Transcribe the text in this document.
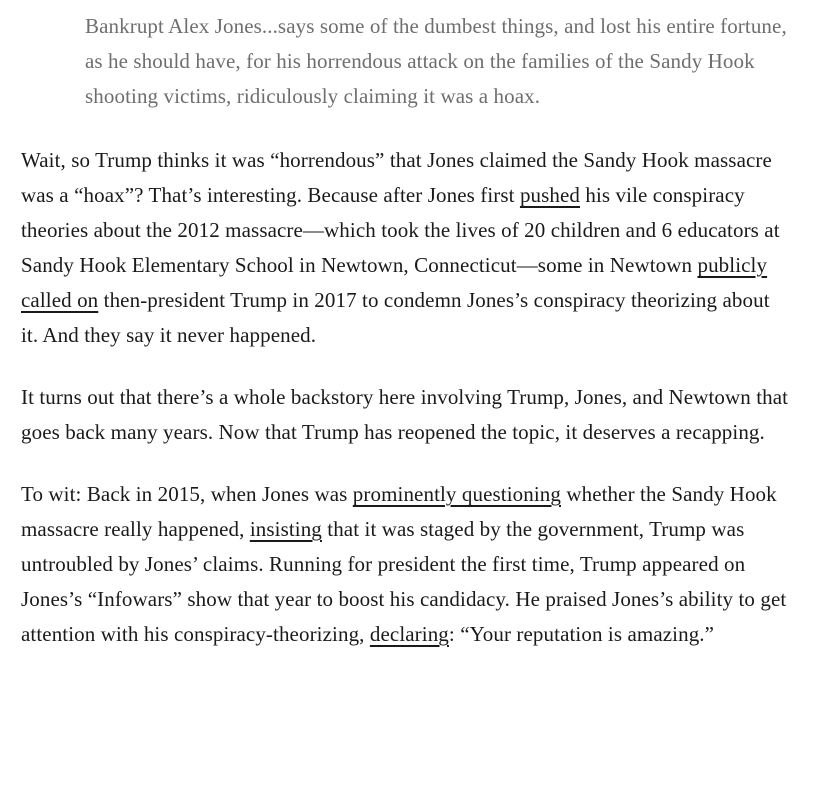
Bankrupt Alex Jones...says some of the dumbest things, and lost his entire fortune, as he should have, for his horrendous attack on the families of the Sandy Hook shooting victims, ridiculously claiming it was a hoax.

Wait, so Trump thinks it was “horrendous” that Jones claimed the Sandy Hook massacre was a “hoax”? That’s interesting. Because after Jones first pushed his vile conspiracy theories about the 2012 massacre—which took the lives of 20 children and 6 educators at Sandy Hook Elementary School in Newtown, Connecticut—some in Newtown publicly called on then-president Trump in 2017 to condemn Jones’s conspiracy theorizing about it. And they say it never happened.

It turns out that there’s a whole backstory here involving Trump, Jones, and Newtown that goes back many years. Now that Trump has reopened the topic, it deserves a recapping.

To wit: Back in 2015, when Jones was prominently questioning whether the Sandy Hook massacre really happened, insisting that it was staged by the government, Trump was untroubled by Jones’ claims. Running for president the first time, Trump appeared on Jones’s “Infowars” show that year to boost his candidacy. He praised Jones’s ability to get attention with his conspiracy-theorizing, declaring: “Your reputation is amazing.”
